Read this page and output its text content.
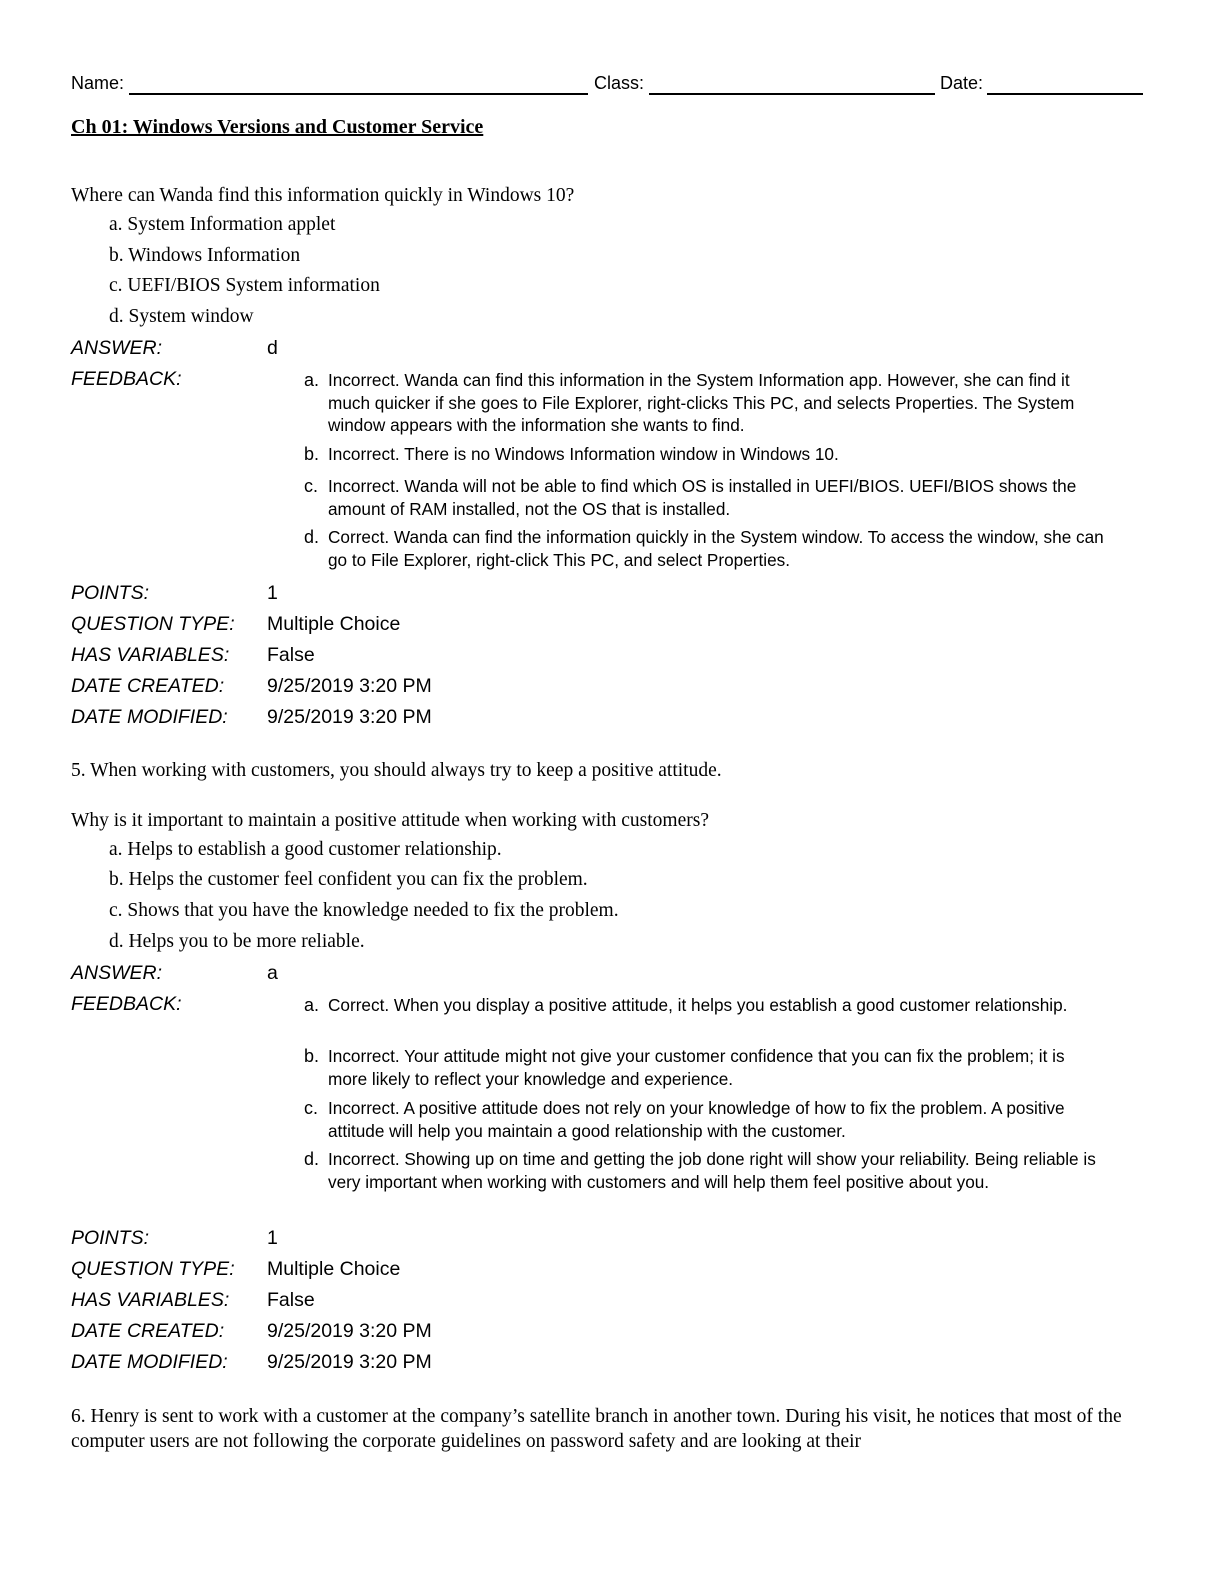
Name:	Class:	Date:
Ch 01: Windows Versions and Customer Service
Where can Wanda find this information quickly in Windows 10?
a. System Information applet
b. Windows Information
c. UEFI/BIOS System information
d. System window
ANSWER:	d
FEEDBACK:	a. Incorrect. Wanda can find this information in the System Information app. However, she can find it much quicker if she goes to File Explorer, right-clicks This PC, and selects Properties. The System window appears with the information she wants to find.
b. Incorrect. There is no Windows Information window in Windows 10.
c. Incorrect. Wanda will not be able to find which OS is installed in UEFI/BIOS. UEFI/BIOS shows the amount of RAM installed, not the OS that is installed.
d. Correct. Wanda can find the information quickly in the System window. To access the window, she can go to File Explorer, right-click This PC, and select Properties.
POINTS:	1
QUESTION TYPE: Multiple Choice
HAS VARIABLES: False
DATE CREATED: 9/25/2019 3:20 PM
DATE MODIFIED: 9/25/2019 3:20 PM
5. When working with customers, you should always try to keep a positive attitude.
Why is it important to maintain a positive attitude when working with customers?
a. Helps to establish a good customer relationship.
b. Helps the customer feel confident you can fix the problem.
c. Shows that you have the knowledge needed to fix the problem.
d. Helps you to be more reliable.
ANSWER:	a
FEEDBACK:	a. Correct. When you display a positive attitude, it helps you establish a good customer relationship.
b. Incorrect. Your attitude might not give your customer confidence that you can fix the problem; it is more likely to reflect your knowledge and experience.
c. Incorrect. A positive attitude does not rely on your knowledge of how to fix the problem. A positive attitude will help you maintain a good relationship with the customer.
d. Incorrect. Showing up on time and getting the job done right will show your reliability. Being reliable is very important when working with customers and will help them feel positive about you.
POINTS:	1
QUESTION TYPE: Multiple Choice
HAS VARIABLES: False
DATE CREATED: 9/25/2019 3:20 PM
DATE MODIFIED: 9/25/2019 3:20 PM
6. Henry is sent to work with a customer at the company’s satellite branch in another town. During his visit, he notices that most of the computer users are not following the corporate guidelines on password safety and are looking at their
